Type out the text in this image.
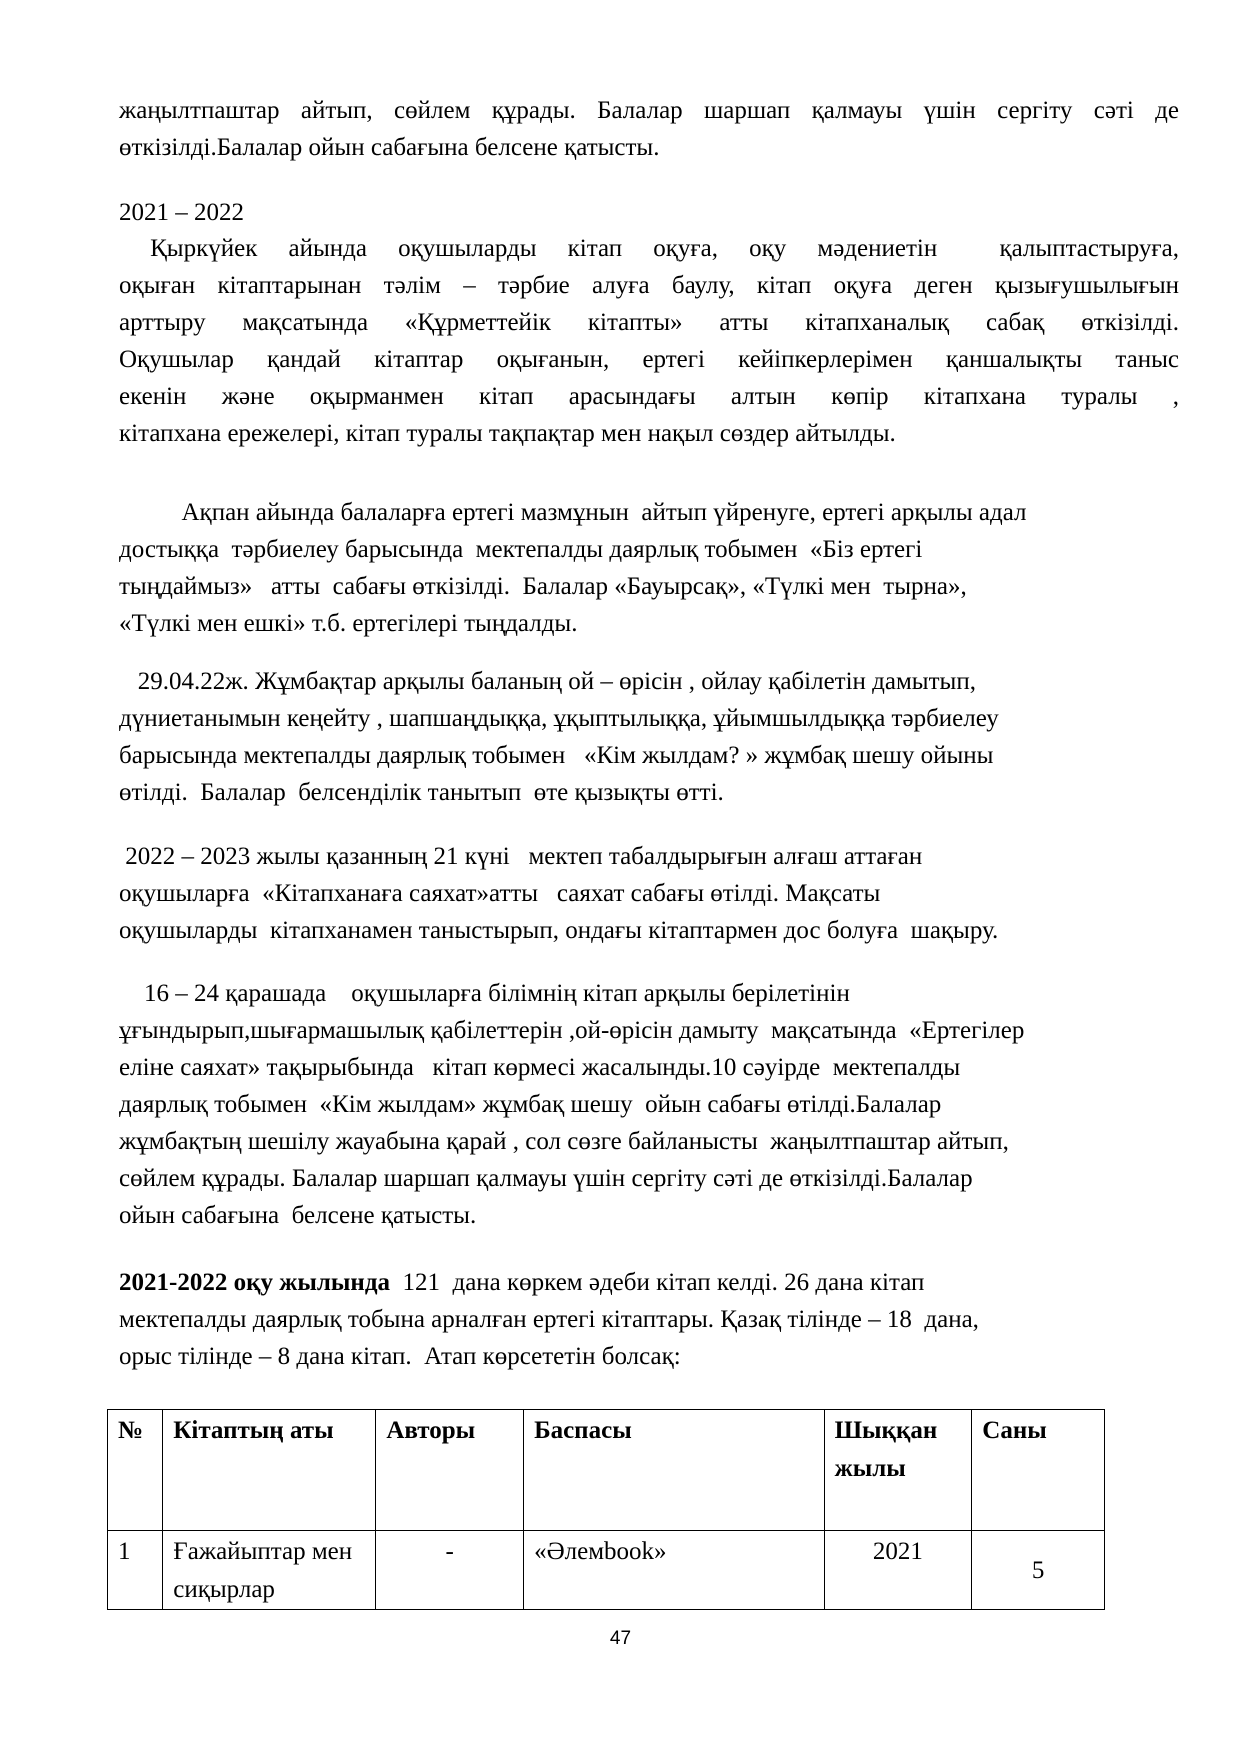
жаңылтпаштар айтып, сөйлем құрады. Балалар шаршап қалмауы үшін сергіту сәті де
өткізілді.Балалар ойын сабағына белсене қатысты.

2021 – 2022

Қыркүйек  айында  оқушыларды  кітап  оқуға,  оқу  мәдениетін    қалыптастыруға,
оқыған кітаптарынан тәлім – тәрбие алуға баулу, кітап оқуға деген қызығушылығын
арттыру мақсатында «Құрметтейік кітапты» атты кітапханалық сабақ өткізілді.
Оқушылар қандай кітаптар оқығанын, ертегі кейіпкерлерімен қаншалықты таныс
екенін және оқырманмен кітап арасындағы алтын көпір кітапхана туралы ,
кітапхана ережелері, кітап туралы тақпақтар мен нақыл сөздер айтылды.

Ақпан айында балаларға ертегі мазмұнын  айтып үйренуге, ертегі арқылы адал
достыққа  тәрбиелеу барысында  мектепалды даярлық тобымен  «Біз ертегі
тыңдаймыз»   атты  сабағы өткізілді.  Балалар «Бауырсақ», «Түлкі мен  тырна»,
«Түлкі мен ешкі» т.б. ертегілері тыңдалды.

29.04.22ж. Жұмбақтар арқылы баланың ой – өрісін , ойлау қабілетін дамытып,
дүниетанымын кеңейту , шапшаңдыққа, ұқыптылыққа, ұйымшылдыққа тәрбиелеу
барысында мектепалды даярлық тобымен   «Кім жылдам? » жұмбақ шешу ойыны
өтілді.  Балалар  белсенділік танытып  өте қызықты өтті.

2022 – 2023 жылы қазанның 21 күні   мектеп табалдырығын алғаш аттаған
оқушыларға  «Кітапханаға саяхат»атты   саяхат сабағы өтілді. Мақсаты
оқушыларды  кітапханамен таныстырып, ондағы кітаптармен дос болуға  шақыру.

16 – 24 қарашада    оқушыларға білімнің кітап арқылы берілетінін
ұғындырып,шығармашылық қабілеттерін ,ой-өрісін дамыту  мақсатында  «Ертегілер
еліне саяхат» тақырыбында   кітап көрмесі жасалынды.10 сәуірде  мектепалды
даярлық тобымен  «Кім жылдам» жұмбақ шешу  ойын сабағы өтілді.Балалар
жұмбақтың шешілу жауабына қарай , сол сөзге байланысты  жаңылтпаштар айтып,
сөйлем құрады. Балалар шаршап қалмауы үшін сергіту сәті де өткізілді.Балалар
ойын сабағына  белсене қатысты.

2021-2022 оқу жылында  121  дана көркем әдеби кітап келді. 26 дана кітап
мектепалды даярлық тобына арналған ертегі кітаптары. Қазақ тілінде – 18  дана,
орыс тілінде – 8 дана кітап.  Атап көрсететін болсақ:

№	Кітаптың аты	Авторы	Баспасы	Шыққан жылы	Саны
1	Ғажайыптар мен сиқырлар	-	«Әлемbook»	2021	5
47
